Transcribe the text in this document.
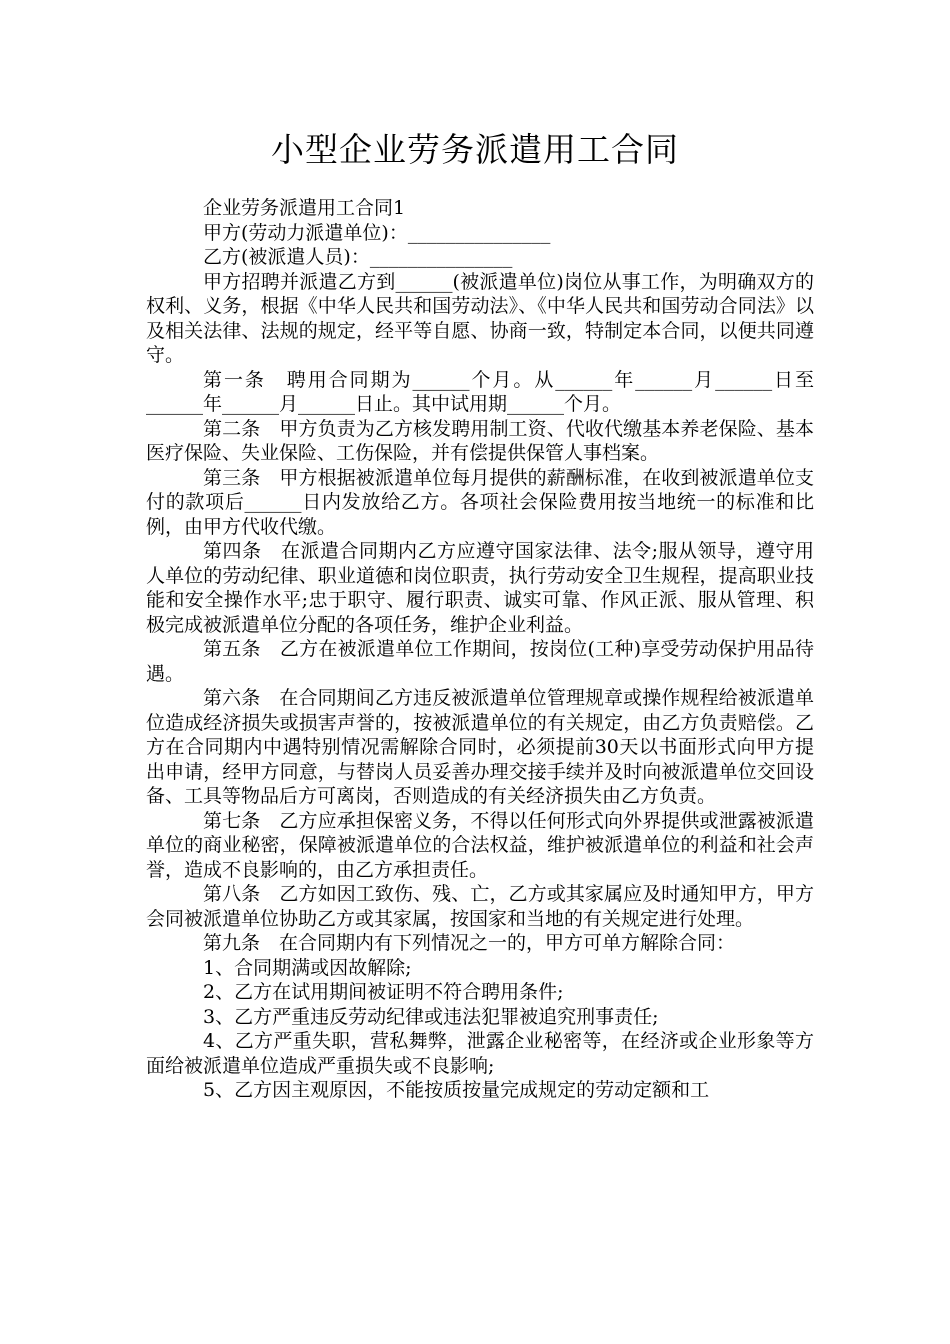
小型企业劳务派遣用工合同

企业劳务派遣用工合同1

甲方(劳动力派遣单位)：_______________

乙方(被派遣人员)：_______________

甲方招聘并派遣乙方到______(被派遣单位)岗位从事工作，为明确双方的权利、义务，根据《中华人民共和国劳动法》、《中华人民共和国劳动合同法》以及相关法律、法规的规定，经平等自愿、协商一致，特制定本合同，以便共同遵守。

第一条　聘用合同期为______个月。从______年______月______日至______年______月______日止。其中试用期______个月。

第二条　甲方负责为乙方核发聘用制工资、代收代缴基本养老保险、基本医疗保险、失业保险、工伤保险，并有偿提供保管人事档案。

第三条　甲方根据被派遣单位每月提供的薪酬标准，在收到被派遣单位支付的款项后______日内发放给乙方。各项社会保险费用按当地统一的标准和比例，由甲方代收代缴。

第四条　在派遣合同期内乙方应遵守国家法律、法令;服从领导，遵守用人单位的劳动纪律、职业道德和岗位职责，执行劳动安全卫生规程，提高职业技能和安全操作水平;忠于职守、履行职责、诚实可靠、作风正派、服从管理、积极完成被派遣单位分配的各项任务，维护企业利益。

第五条　乙方在被派遣单位工作期间，按岗位(工种)享受劳动保护用品待遇。

第六条　在合同期间乙方违反被派遣单位管理规章或操作规程给被派遣单位造成经济损失或损害声誉的，按被派遣单位的有关规定，由乙方负责赔偿。乙方在合同期内中遇特别情况需解除合同时，必须提前30天以书面形式向甲方提出申请，经甲方同意，与替岗人员妥善办理交接手续并及时向被派遣单位交回设备、工具等物品后方可离岗，否则造成的有关经济损失由乙方负责。

第七条　乙方应承担保密义务，不得以任何形式向外界提供或泄露被派遣单位的商业秘密，保障被派遣单位的合法权益，维护被派遣单位的利益和社会声誉，造成不良影响的，由乙方承担责任。

第八条　乙方如因工致伤、残、亡，乙方或其家属应及时通知甲方，甲方会同被派遣单位协助乙方或其家属，按国家和当地的有关规定进行处理。

第九条　在合同期内有下列情况之一的，甲方可单方解除合同：

1、合同期满或因故解除;

2、乙方在试用期间被证明不符合聘用条件;

3、乙方严重违反劳动纪律或违法犯罪被追究刑事责任;

4、乙方严重失职，营私舞弊，泄露企业秘密等，在经济或企业形象等方面给被派遣单位造成严重损失或不良影响;

5、乙方因主观原因，不能按质按量完成规定的劳动定额和工
